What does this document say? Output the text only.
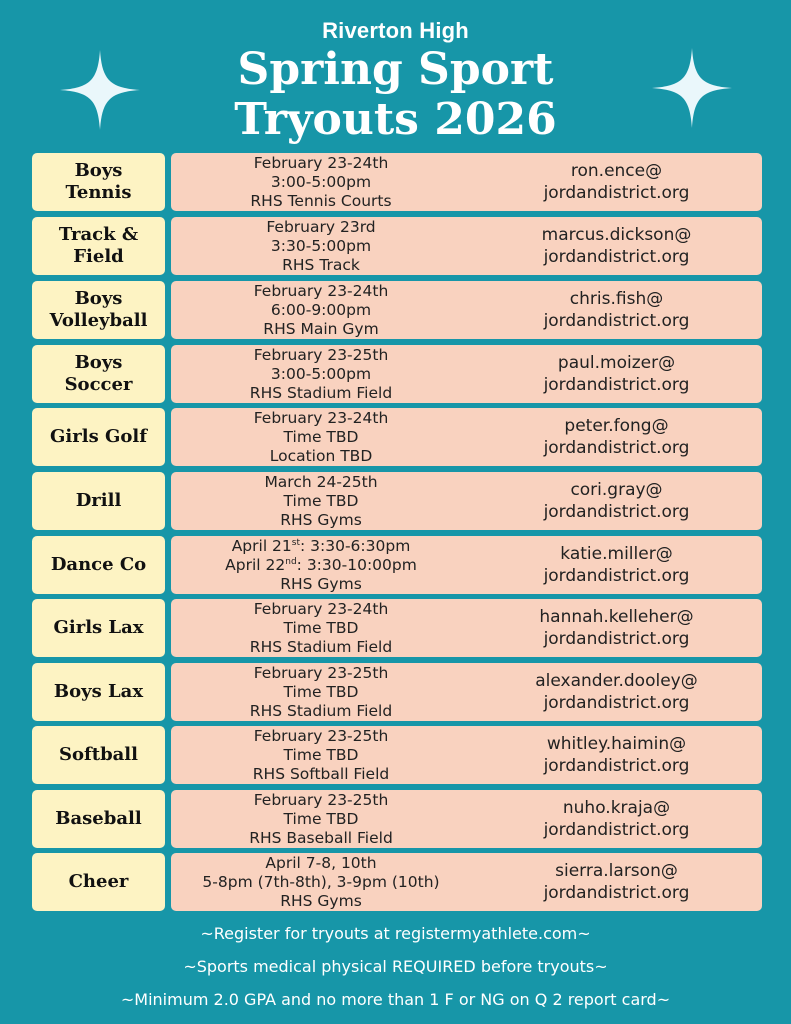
Riverton High
Spring Sport
Tryouts 2026
Boys
Tennis
February 23-24th
3:00-5:00pm
RHS Tennis Courts
ron.ence@
jordandistrict.org
Track &
Field
February 23rd
3:30-5:00pm
RHS Track
marcus.dickson@
jordandistrict.org
Boys
Volleyball
February 23-24th
6:00-9:00pm
RHS Main Gym
chris.fish@
jordandistrict.org
Boys
Soccer
February 23-25th
3:00-5:00pm
RHS Stadium Field
paul.moizer@
jordandistrict.org
Girls Golf
February 23-24th
Time TBD
Location TBD
peter.fong@
jordandistrict.org
Drill
March 24-25th
Time TBD
RHS Gyms
cori.gray@
jordandistrict.org
Dance Co
April 21st: 3:30-6:30pm
April 22nd: 3:30-10:00pm
RHS Gyms
katie.miller@
jordandistrict.org
Girls Lax
February 23-24th
Time TBD
RHS Stadium Field
hannah.kelleher@
jordandistrict.org
Boys Lax
February 23-25th
Time TBD
RHS Stadium Field
alexander.dooley@
jordandistrict.org
Softball
February 23-25th
Time TBD
RHS Softball Field
whitley.haimin@
jordandistrict.org
Baseball
February 23-25th
Time TBD
RHS Baseball Field
nuho.kraja@
jordandistrict.org
Cheer
April 7-8, 10th
5-8pm (7th-8th), 3-9pm (10th)
RHS Gyms
sierra.larson@
jordandistrict.org
~Register for tryouts at registermyathlete.com~
~Sports medical physical REQUIRED before tryouts~
~Minimum 2.0 GPA and no more than 1 F or NG on Q 2 report card~
